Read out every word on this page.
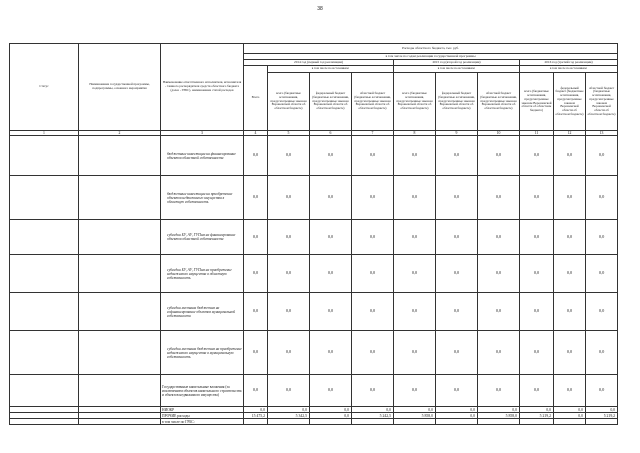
38
Статус	Наименование государственной программы, подпрограммы, основного мероприятия	Наименование ответственного исполнителя, исполнителя - главного распорядителя средств областного бюджета (далее - ГРБС), наименование статей расходов	Расходы областного бюджета, тыс. руб.									
			в том числе по годам реализации государственной программы									
			2014 год (первый год реализации)				2015 год (второй год реализации)			2016 год (третий год реализации)		
			Всего	в том числе по источникам:			в том числе по источникам:			в том числе по источникам:		
				всего (бюджетные ассигнования, предусмотренные законом Воронежской области об областном бюджете)	федеральный бюджет (бюджетные ассигнования, предусмотренные законом Воронежской области об областном бюджете)	областной бюджет (бюджетные ассигнования, предусмотренные законом Воронежской области об областном бюджете)	всего (бюджетные ассигнования, предусмотренные законом Воронежской области об областном бюджете)	федеральный бюджет (бюджетные ассигнования, предусмотренные законом Воронежской области об областном бюджете)	областной бюджет (бюджетные ассигнования, предусмотренные законом Воронежской области об областном бюджете)	всего (бюджетные ассигнования, предусмотренные законом Воронежской области об областном бюджете)	федеральный бюджет (бюджетные ассигнования, предусмотренные законом Воронежской области об областном бюджете)	областной бюджет (бюджетные ассигнования, предусмотренные законом Воронежской области об областном бюджете)
1	2	3	4	5	6	7	8	9	10	11	12	13
		бюджетные инвестиции на финансирование объектов областной собственности	0,0	0,0	0,0	0,0	0,0	0,0	0,0	0,0	0,0	0,0
		бюджетные инвестиции на приобретение объектов недвижимого имущества в областную собственность	0,0	0,0	0,0	0,0	0,0	0,0	0,0	0,0	0,0	0,0
		субсидии БУ, АУ, ГУПам на финансирование объектов областной собственности	0,0	0,0	0,0	0,0	0,0	0,0	0,0	0,0	0,0	0,0
		субсидии БУ, АУ, ГУПам на приобретение недвижимого имущества в областную собственность	0,0	0,0	0,0	0,0	0,0	0,0	0,0	0,0	0,0	0,0
		субсидии местным бюджетам на софинансирование объектов муниципальной собственности	0,0	0,0	0,0	0,0	0,0	0,0	0,0	0,0	0,0	0,0
		субсидии местным бюджетам на приобретение недвижимого имущества в муниципальную собственность	0,0	0,0	0,0	0,0	0,0	0,0	0,0	0,0	0,0	0,0
		Государственные капитальные вложения (за исключением объектов капитального строительства и объектов недвижимого имущества)	0,0	0,0	0,0	0,0	0,0	0,0	0,0	0,0	0,0	0,0
		НИОКР	0,0	0,0	0,0	0,0	0,0	0,0	0,0	0,0	0,0	0,0
		ПРОЧИЕ расходы	15 475,2	5 342,5	0,0	5 242,5	5 858,0	0,0	5 858,0	5 219,2	0,0	5 219,2
		в том числе по ГРБС:										
